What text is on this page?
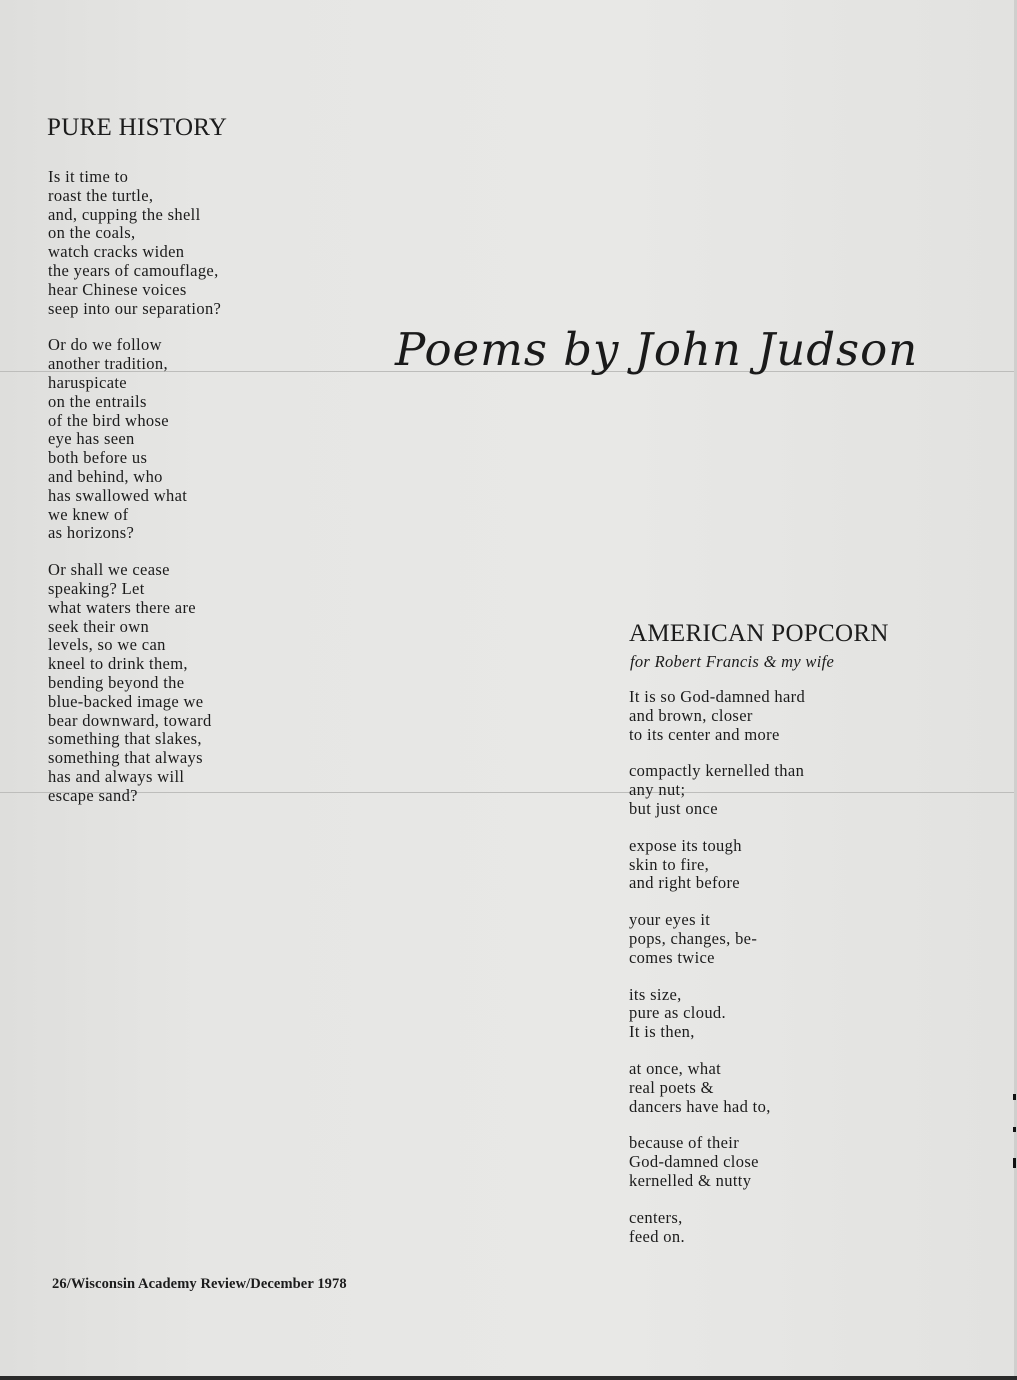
PURE HISTORY
Is it time to
roast the turtle,
and, cupping the shell
on the coals,
watch cracks widen
the years of camouflage,
hear Chinese voices
seep into our separation?
Or do we follow
another tradition,
haruspicate
on the entrails
of the bird whose
eye has seen
both before us
and behind, who
has swallowed what
we knew of
as horizons?
Or shall we cease
speaking? Let
what waters there are
seek their own
levels, so we can
kneel to drink them,
bending beyond the
blue-backed image we
bear downward, toward
something that slakes,
something that always
has and always will
escape sand?
Poems by John Judson
AMERICAN POPCORN
for Robert Francis & my wife
It is so God-damned hard
and brown, closer
to its center and more
compactly kernelled than
any nut;
but just once
expose its tough
skin to fire,
and right before
your eyes it
pops, changes, be-
comes twice
its size,
pure as cloud.
It is then,
at once, what
real poets &
dancers have had to,
because of their
God-damned close
kernelled & nutty
centers,
feed on.
26/Wisconsin Academy Review/December 1978
